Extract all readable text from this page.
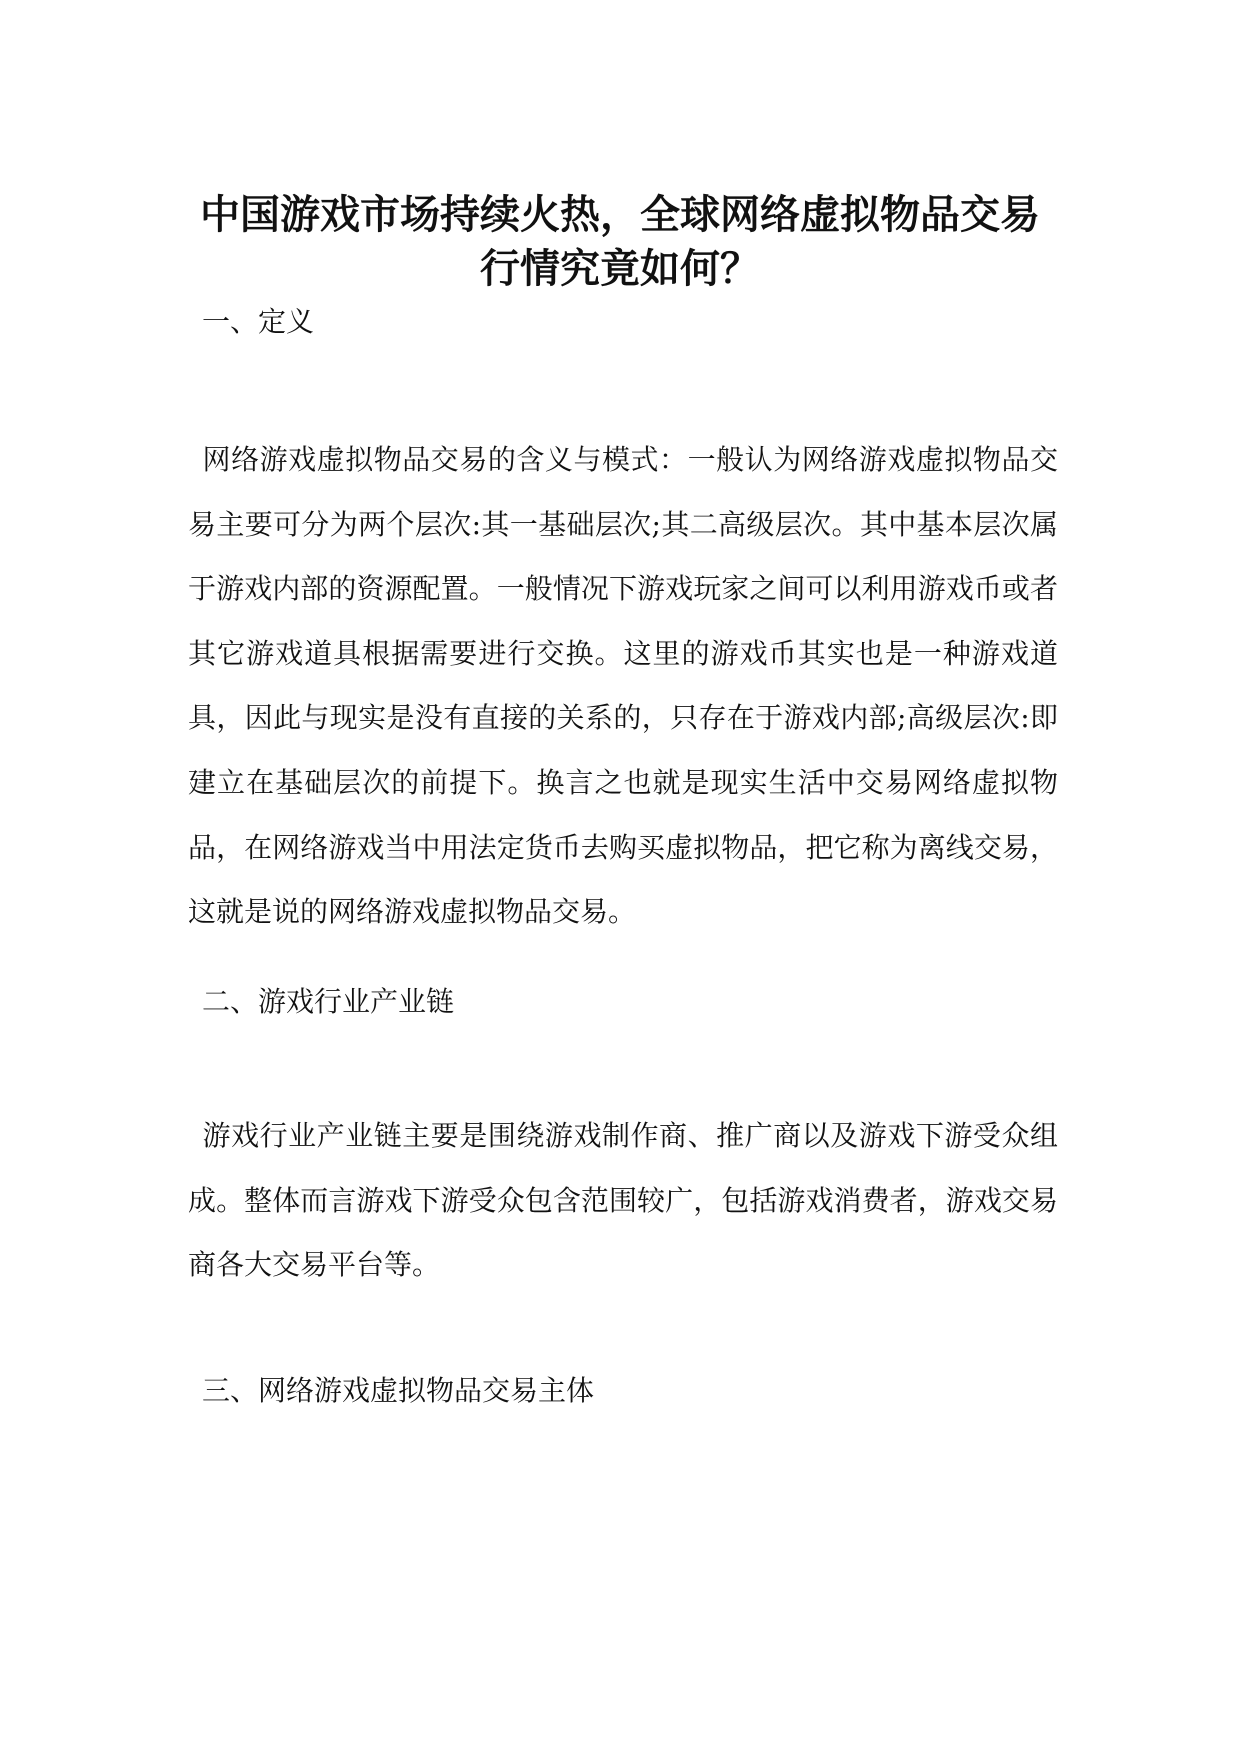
中国游戏市场持续火热，全球网络虚拟物品交易行情究竟如何？
一、定义

网络游戏虚拟物品交易的含义与模式：一般认为网络游戏虚拟物品交易主要可分为两个层次:其一基础层次;其二高级层次。其中基本层次属于游戏内部的资源配置。一般情况下游戏玩家之间可以利用游戏币或者其它游戏道具根据需要进行交换。这里的游戏币其实也是一种游戏道具，因此与现实是没有直接的关系的，只存在于游戏内部;高级层次:即建立在基础层次的前提下。换言之也就是现实生活中交易网络虚拟物品，在网络游戏当中用法定货币去购买虚拟物品，把它称为离线交易，这就是说的网络游戏虚拟物品交易。

二、游戏行业产业链

游戏行业产业链主要是围绕游戏制作商、推广商以及游戏下游受众组成。整体而言游戏下游受众包含范围较广，包括游戏消费者，游戏交易商各大交易平台等。

三、网络游戏虚拟物品交易主体
